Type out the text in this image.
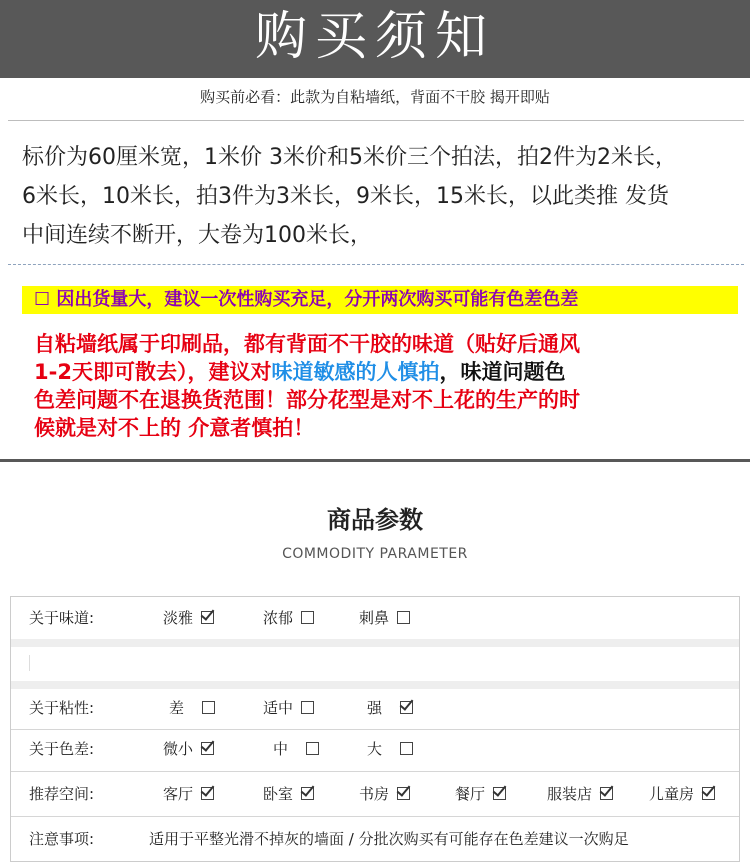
购买须知
购买前必看：此款为自粘墙纸，背面不干胶 揭开即贴

标价为60厘米宽，1米价 3米价和5米价三个拍法，拍2件为2米长，

6米长，10米长，拍3件为3米长，9米长，15米长，以此类推 发货

中间连续不断开，大卷为100米长，

☐ 因出货量大，建议一次性购买充足，分开两次购买可能有色差色差

自粘墙纸属于印刷品，都有背面不干胶的味道（贴好后通风

1-2天即可散去），建议对味道敏感的人慎拍，味道问题色

色差问题不在退换货范围！部分花型是对不上花的生产的时

候就是对不上的 介意者慎拍！

商品参数
COMMODITY PARAMETER
关于味道:	淡雅	浓郁	刺鼻
关于粘性:	差	适中	强
关于色差:	微小	中	大
推荐空间:	客厅	卧室	书房	餐厅	服装店	儿童房
注意事项:	适用于平整光滑不掉灰的墙面 / 分批次购买有可能存在色差建议一次购足
